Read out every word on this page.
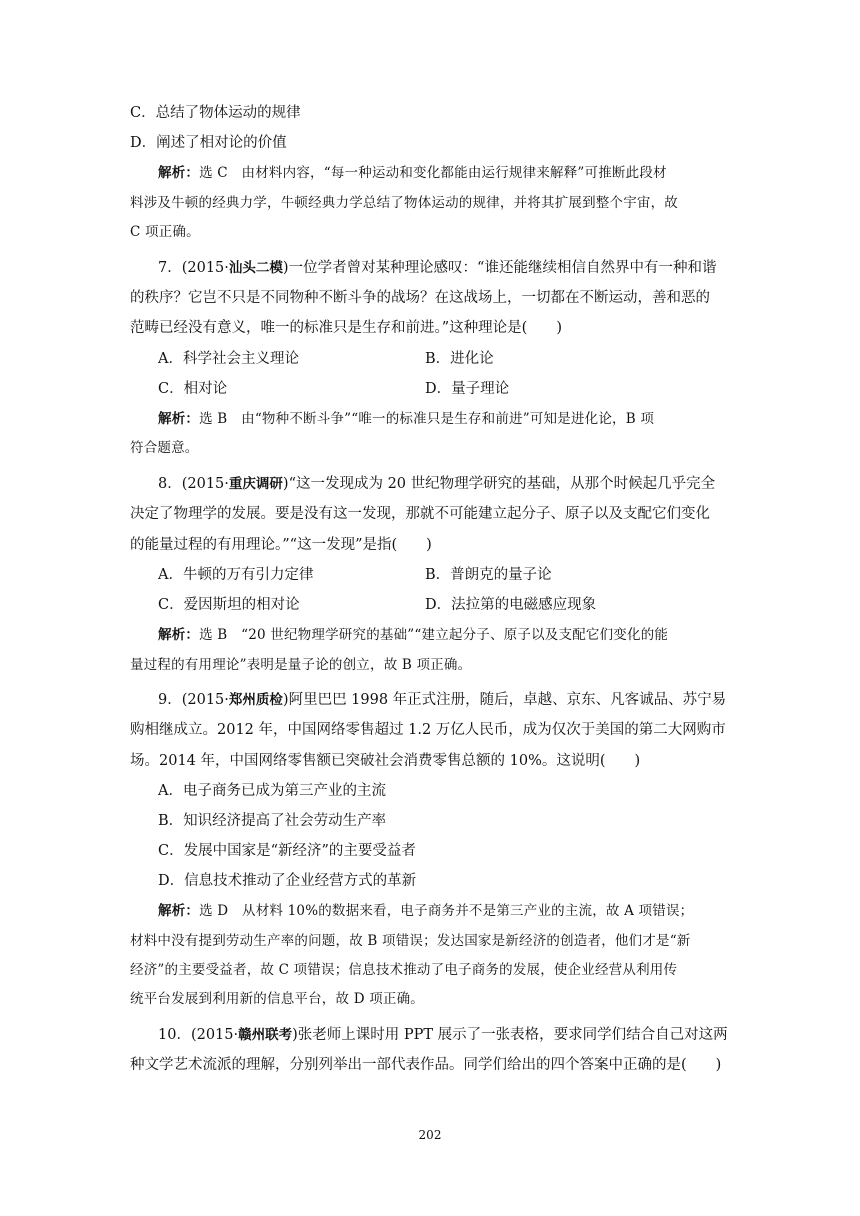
C．总结了物体运动的规律
D．阐述了相对论的价值
解析：选 C　由材料内容，“每一种运动和变化都能由运行规律来解释”可推断此段材
料涉及牛顿的经典力学，牛顿经典力学总结了物体运动的规律，并将其扩展到整个宇宙，故
C 项正确。
7．(2015·汕头二模)一位学者曾对某种理论感叹：“谁还能继续相信自然界中有一种和谐
的秩序？它岂不只是不同物种不断斗争的战场？在这战场上，一切都在不断运动，善和恶的
范畴已经没有意义，唯一的标准只是生存和前进。”这种理论是(　　)
A．科学社会主义理论	B．进化论
C．相对论	D．量子理论
解析：选 B　由“物种不断斗争”“唯一的标准只是生存和前进”可知是进化论，B 项
符合题意。
8．(2015·重庆调研)“这一发现成为 20 世纪物理学研究的基础，从那个时候起几乎完全
决定了物理学的发展。要是没有这一发现，那就不可能建立起分子、原子以及支配它们变化
的能量过程的有用理论。”“这一发现”是指(　　)
A．牛顿的万有引力定律	B．普朗克的量子论
C．爱因斯坦的相对论	D．法拉第的电磁感应现象
解析：选 B　“20 世纪物理学研究的基础”“建立起分子、原子以及支配它们变化的能
量过程的有用理论”表明是量子论的创立，故 B 项正确。
9．(2015·郑州质检)阿里巴巴 1998 年正式注册，随后，卓越、京东、凡客诚品、苏宁易
购相继成立。2012 年，中国网络零售超过 1.2 万亿人民币，成为仅次于美国的第二大网购市
场。2014 年，中国网络零售额已突破社会消费零售总额的 10%。这说明(　　)
A．电子商务已成为第三产业的主流
B．知识经济提高了社会劳动生产率
C．发展中国家是“新经济”的主要受益者
D．信息技术推动了企业经营方式的革新
解析：选 D　从材料 10%的数据来看，电子商务并不是第三产业的主流，故 A 项错误；
材料中没有提到劳动生产率的问题，故 B 项错误；发达国家是新经济的创造者，他们才是“新
经济”的主要受益者，故 C 项错误；信息技术推动了电子商务的发展，使企业经营从利用传
统平台发展到利用新的信息平台，故 D 项正确。
10．(2015·赣州联考)张老师上课时用 PPT 展示了一张表格，要求同学们结合自己对这两
种文学艺术流派的理解，分别列举出一部代表作品。同学们给出的四个答案中正确的是(　　)
202
